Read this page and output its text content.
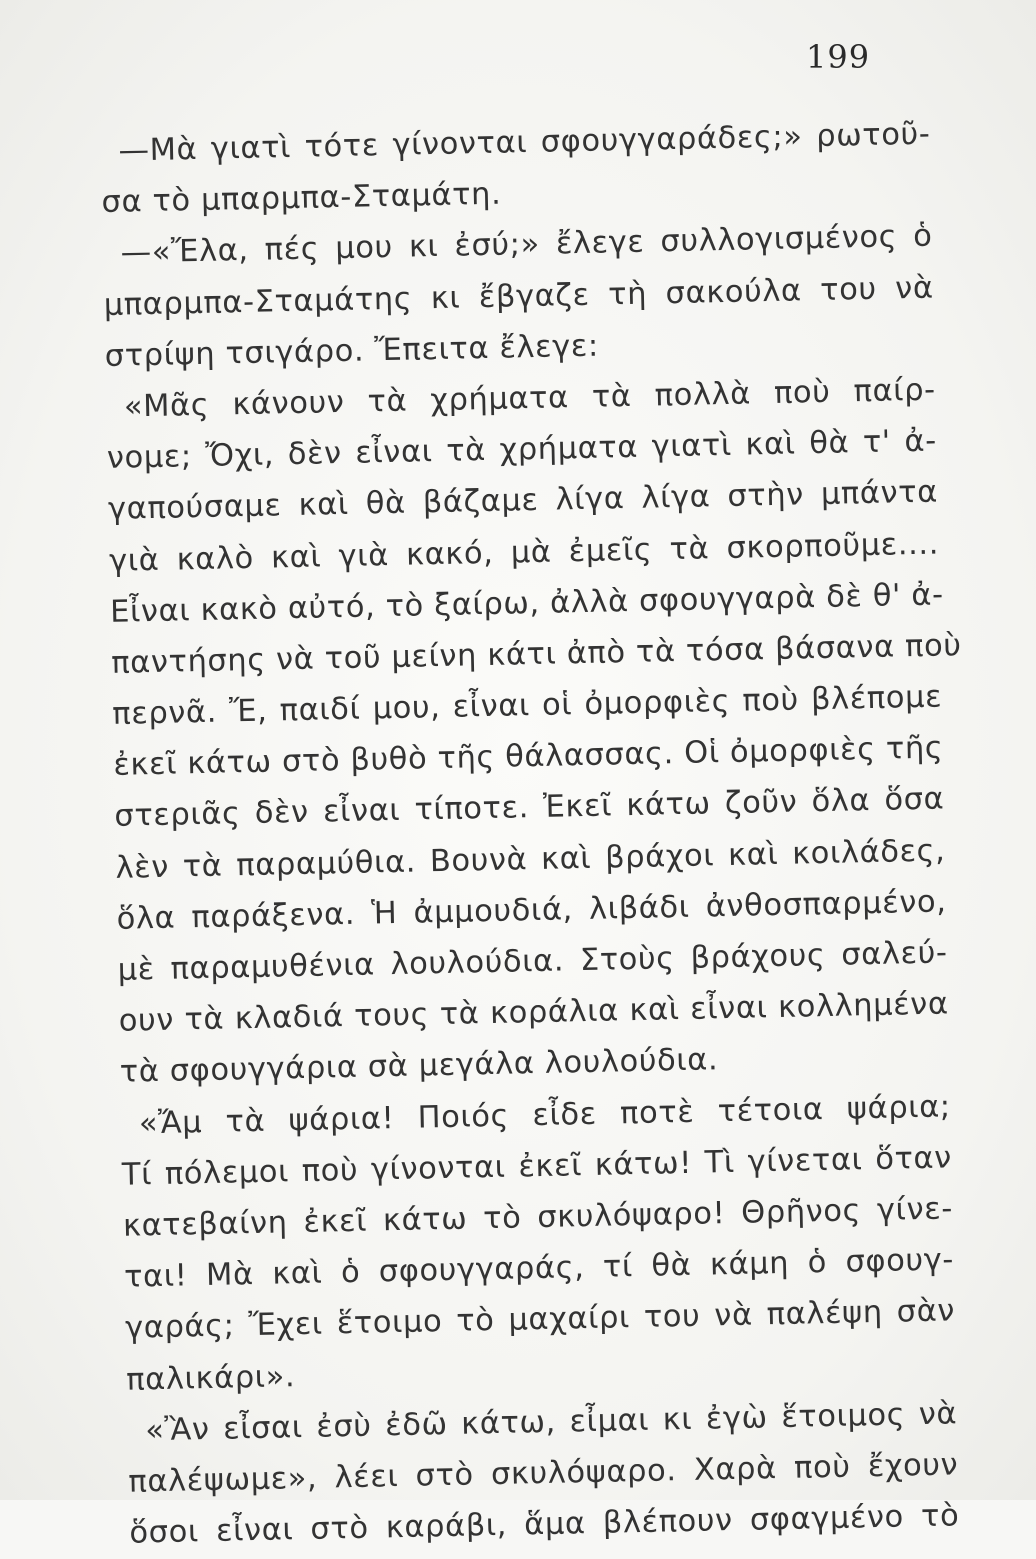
199
—Μὰ γιατὶ τότε γίνονται σφουγγαράδες;» ρωτοῦ-
σα τὸ μπαρμπα-Σταμάτη.
—«Ἔλα, πές μου κι ἐσύ;» ἔλεγε συλλογισμένος ὁ
μπαρμπα-Σταμάτης κι ἔβγαζε τὴ σακούλα του νὰ
στρίψη τσιγάρο. Ἔπειτα ἔλεγε:
«Μᾶς κάνουν τὰ χρήματα τὰ πολλὰ ποὺ παίρ-
νομε; Ὄχι, δὲν εἶναι τὰ χρήματα γιατὶ καὶ θὰ τ' ἀ-
γαπούσαμε καὶ θὰ βάζαμε λίγα λίγα στὴν μπάντα
γιὰ καλὸ καὶ γιὰ κακό, μὰ ἐμεῖς τὰ σκορποῦμε....
Εἶναι κακὸ αὐτό, τὸ ξαίρω, ἀλλὰ σφουγγαρὰ δὲ θ' ἀ-
παντήσης νὰ τοῦ μείνη κάτι ἀπὸ τὰ τόσα βάσανα ποὺ
περνᾶ. Ἔ, παιδί μου, εἶναι οἱ ὀμορφιὲς ποὺ βλέπομε
ἐκεῖ κάτω στὸ βυθὸ τῆς θάλασσας. Οἱ ὀμορφιὲς τῆς
στεριᾶς δὲν εἶναι τίποτε. Ἐκεῖ κάτω ζοῦν ὅλα ὅσα
λὲν τὰ παραμύθια. Βουνὰ καὶ βράχοι καὶ κοιλάδες,
ὅλα παράξενα. Ἡ ἀμμουδιά, λιβάδι ἀνθοσπαρμένο,
μὲ παραμυθένια λουλούδια. Στοὺς βράχους σαλεύ-
ουν τὰ κλαδιά τους τὰ κοράλια καὶ εἶναι κολλημένα
τὰ σφουγγάρια σὰ μεγάλα λουλούδια.
«Ἄμ τὰ ψάρια! Ποιός εἶδε ποτὲ τέτοια ψάρια;
Τί πόλεμοι ποὺ γίνονται ἐκεῖ κάτω! Τὶ γίνεται ὅταν
κατεβαίνη ἐκεῖ κάτω τὸ σκυλόψαρο! Θρῆνος γίνε-
ται! Μὰ καὶ ὁ σφουγγαράς, τί θὰ κάμη ὁ σφουγ-
γαράς; Ἔχει ἕτοιμο τὸ μαχαίρι του νὰ παλέψη σὰν
παλικάρι».
«Ἂν εἶσαι ἐσὺ ἐδῶ κάτω, εἶμαι κι ἐγὼ ἕτοιμος νὰ
παλέψωμε», λέει στὸ σκυλόψαρο. Χαρὰ ποὺ ἔχουν
ὅσοι εἶναι στὸ καράβι, ἅμα βλέπουν σφαγμένο τὸ
